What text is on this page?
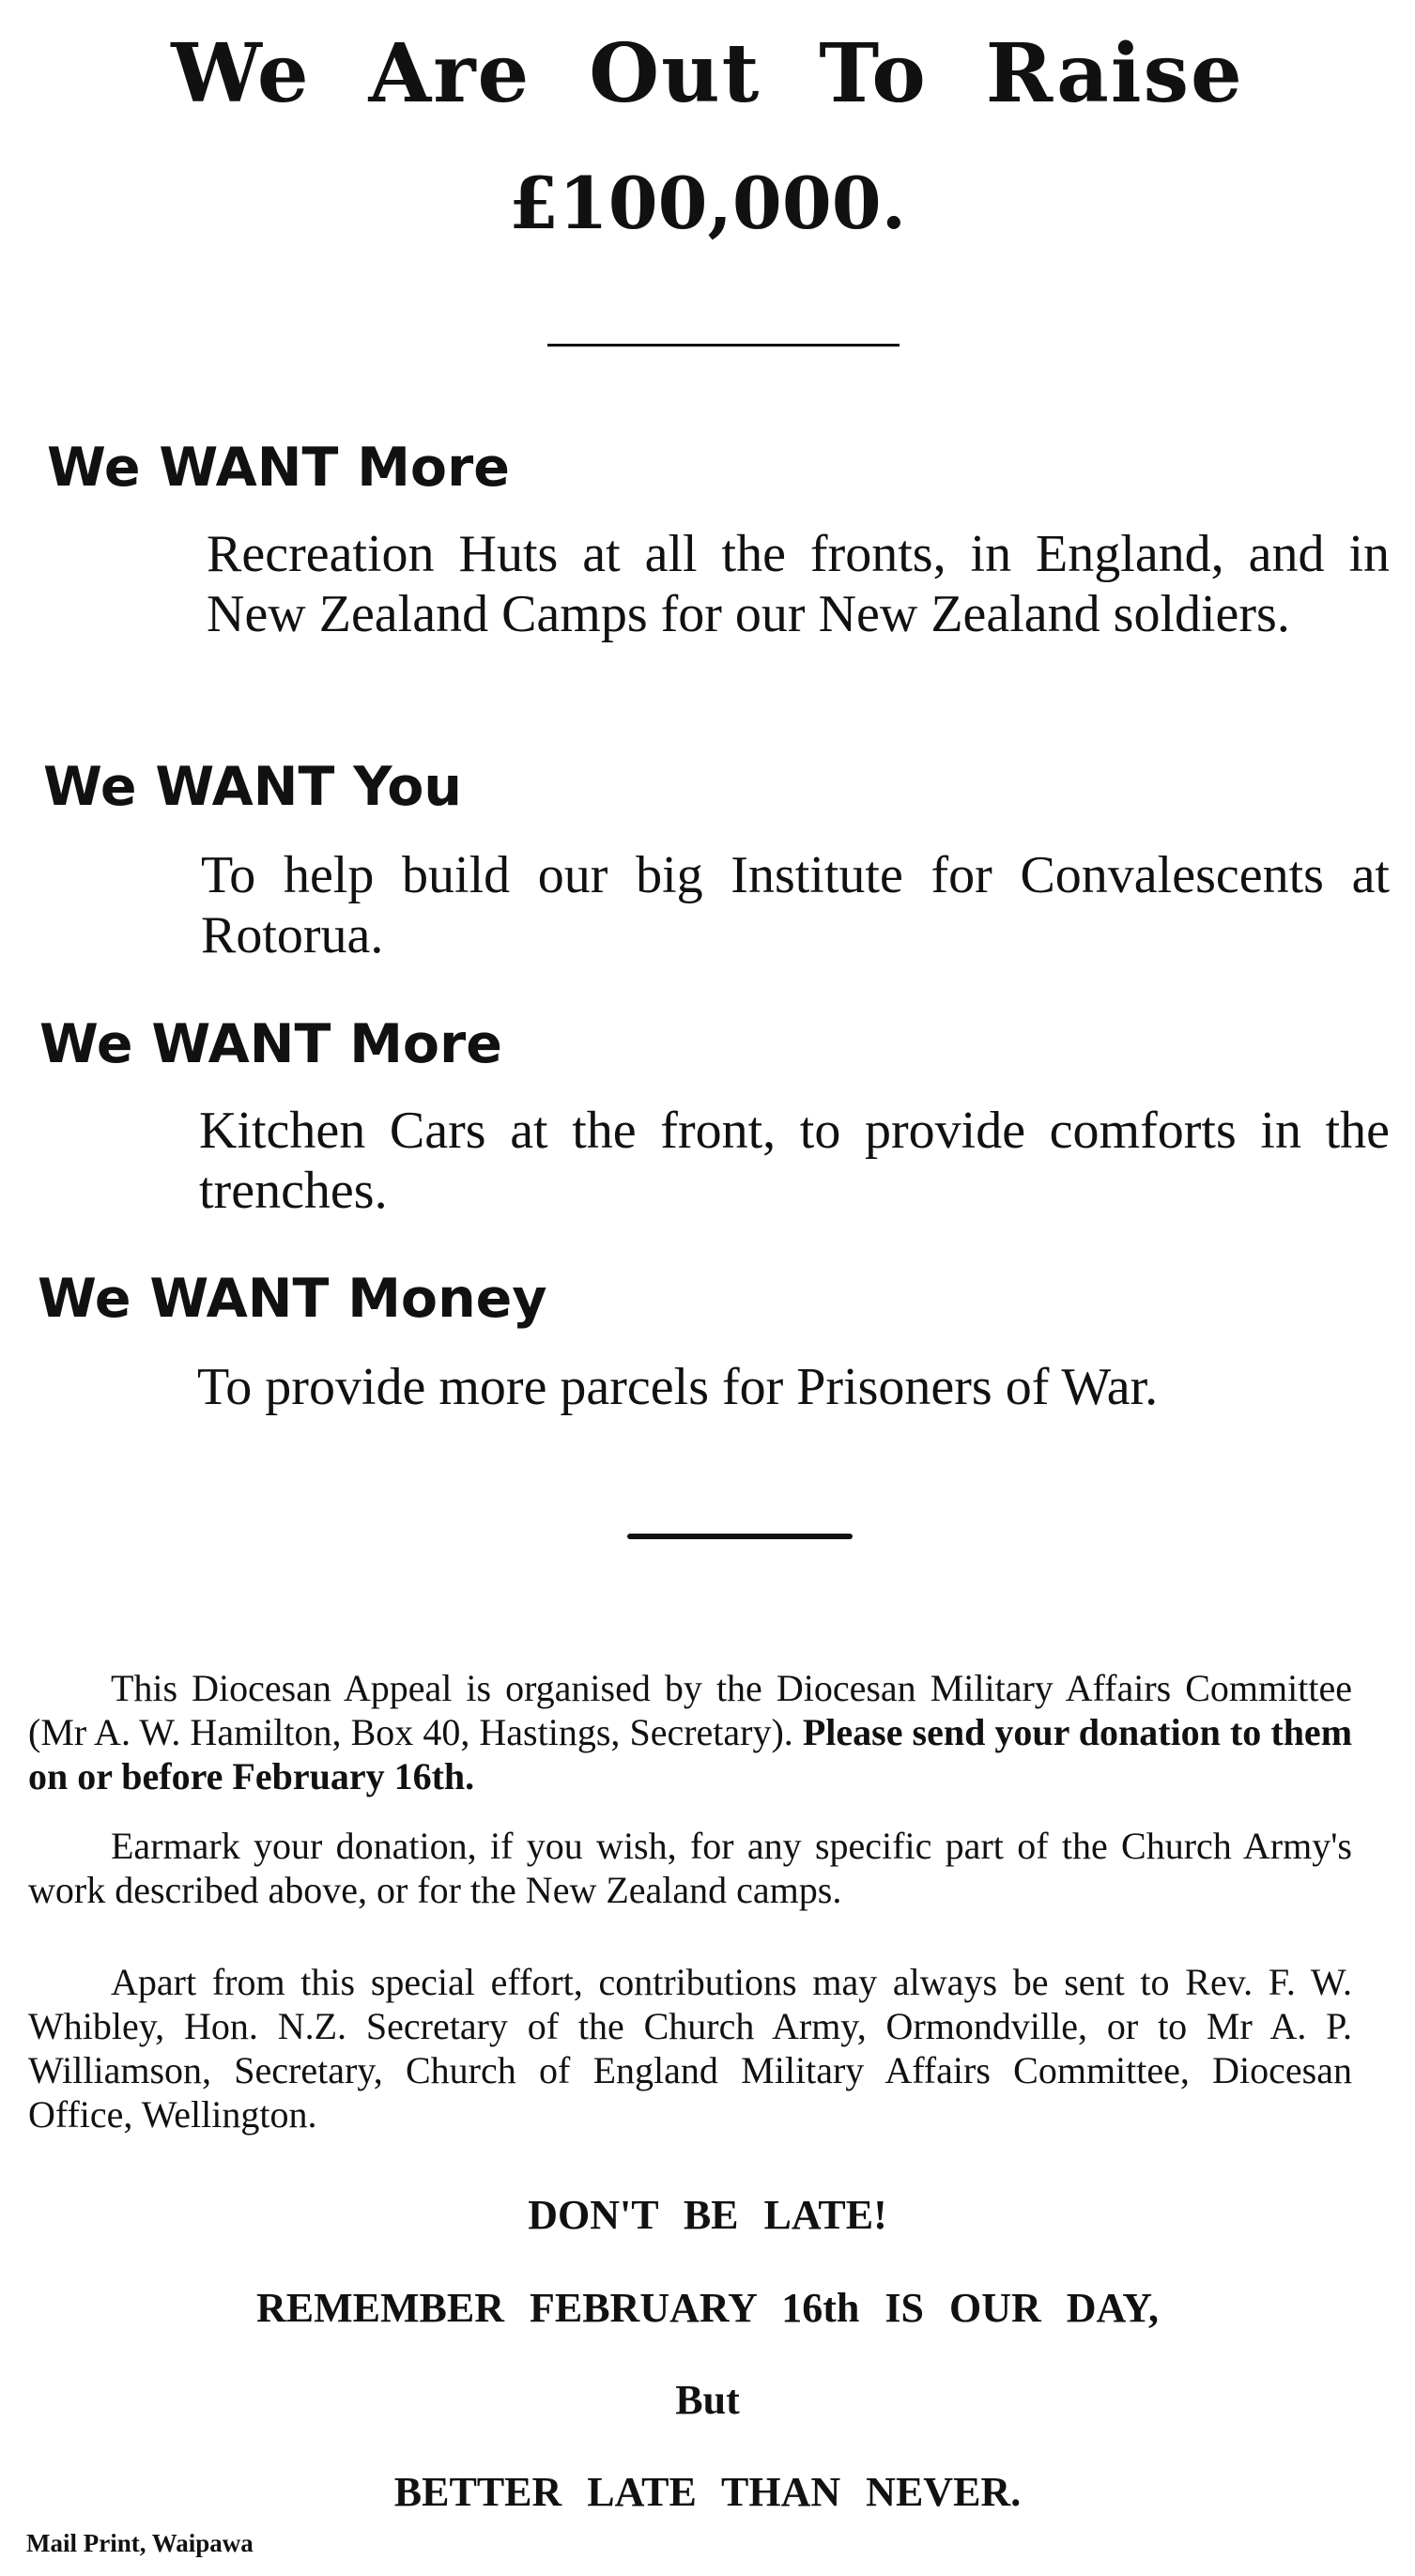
We Are Out To Raise
£100,000.
We WANT More

Recreation Huts at all the fronts, in England, and in New Zealand Camps for our New Zealand soldiers.

We WANT You

To help build our big Institute for Convalescents at Rotorua.

We WANT More

Kitchen Cars at the front, to provide comforts in the trenches.

We WANT Money

To provide more parcels for Prisoners of War.

This Diocesan Appeal is organised by the Diocesan Military Affairs Committee (Mr A. W. Hamilton, Box 40, Hastings, Secretary). Please send your donation to them on or before February 16th.

Earmark your donation, if you wish, for any specific part of the Church Army's work described above, or for the New Zealand camps.

Apart from this special effort, contributions may always be sent to Rev. F. W. Whibley, Hon. N.Z. Secretary of the Church Army, Ormondville, or to Mr A. P. Williamson, Secretary, Church of England Military Affairs Committee, Diocesan Office, Wellington.

DON'T BE LATE!

REMEMBER FEBRUARY 16th IS OUR DAY,

But

BETTER LATE THAN NEVER.

Mail Print, Waipawa
